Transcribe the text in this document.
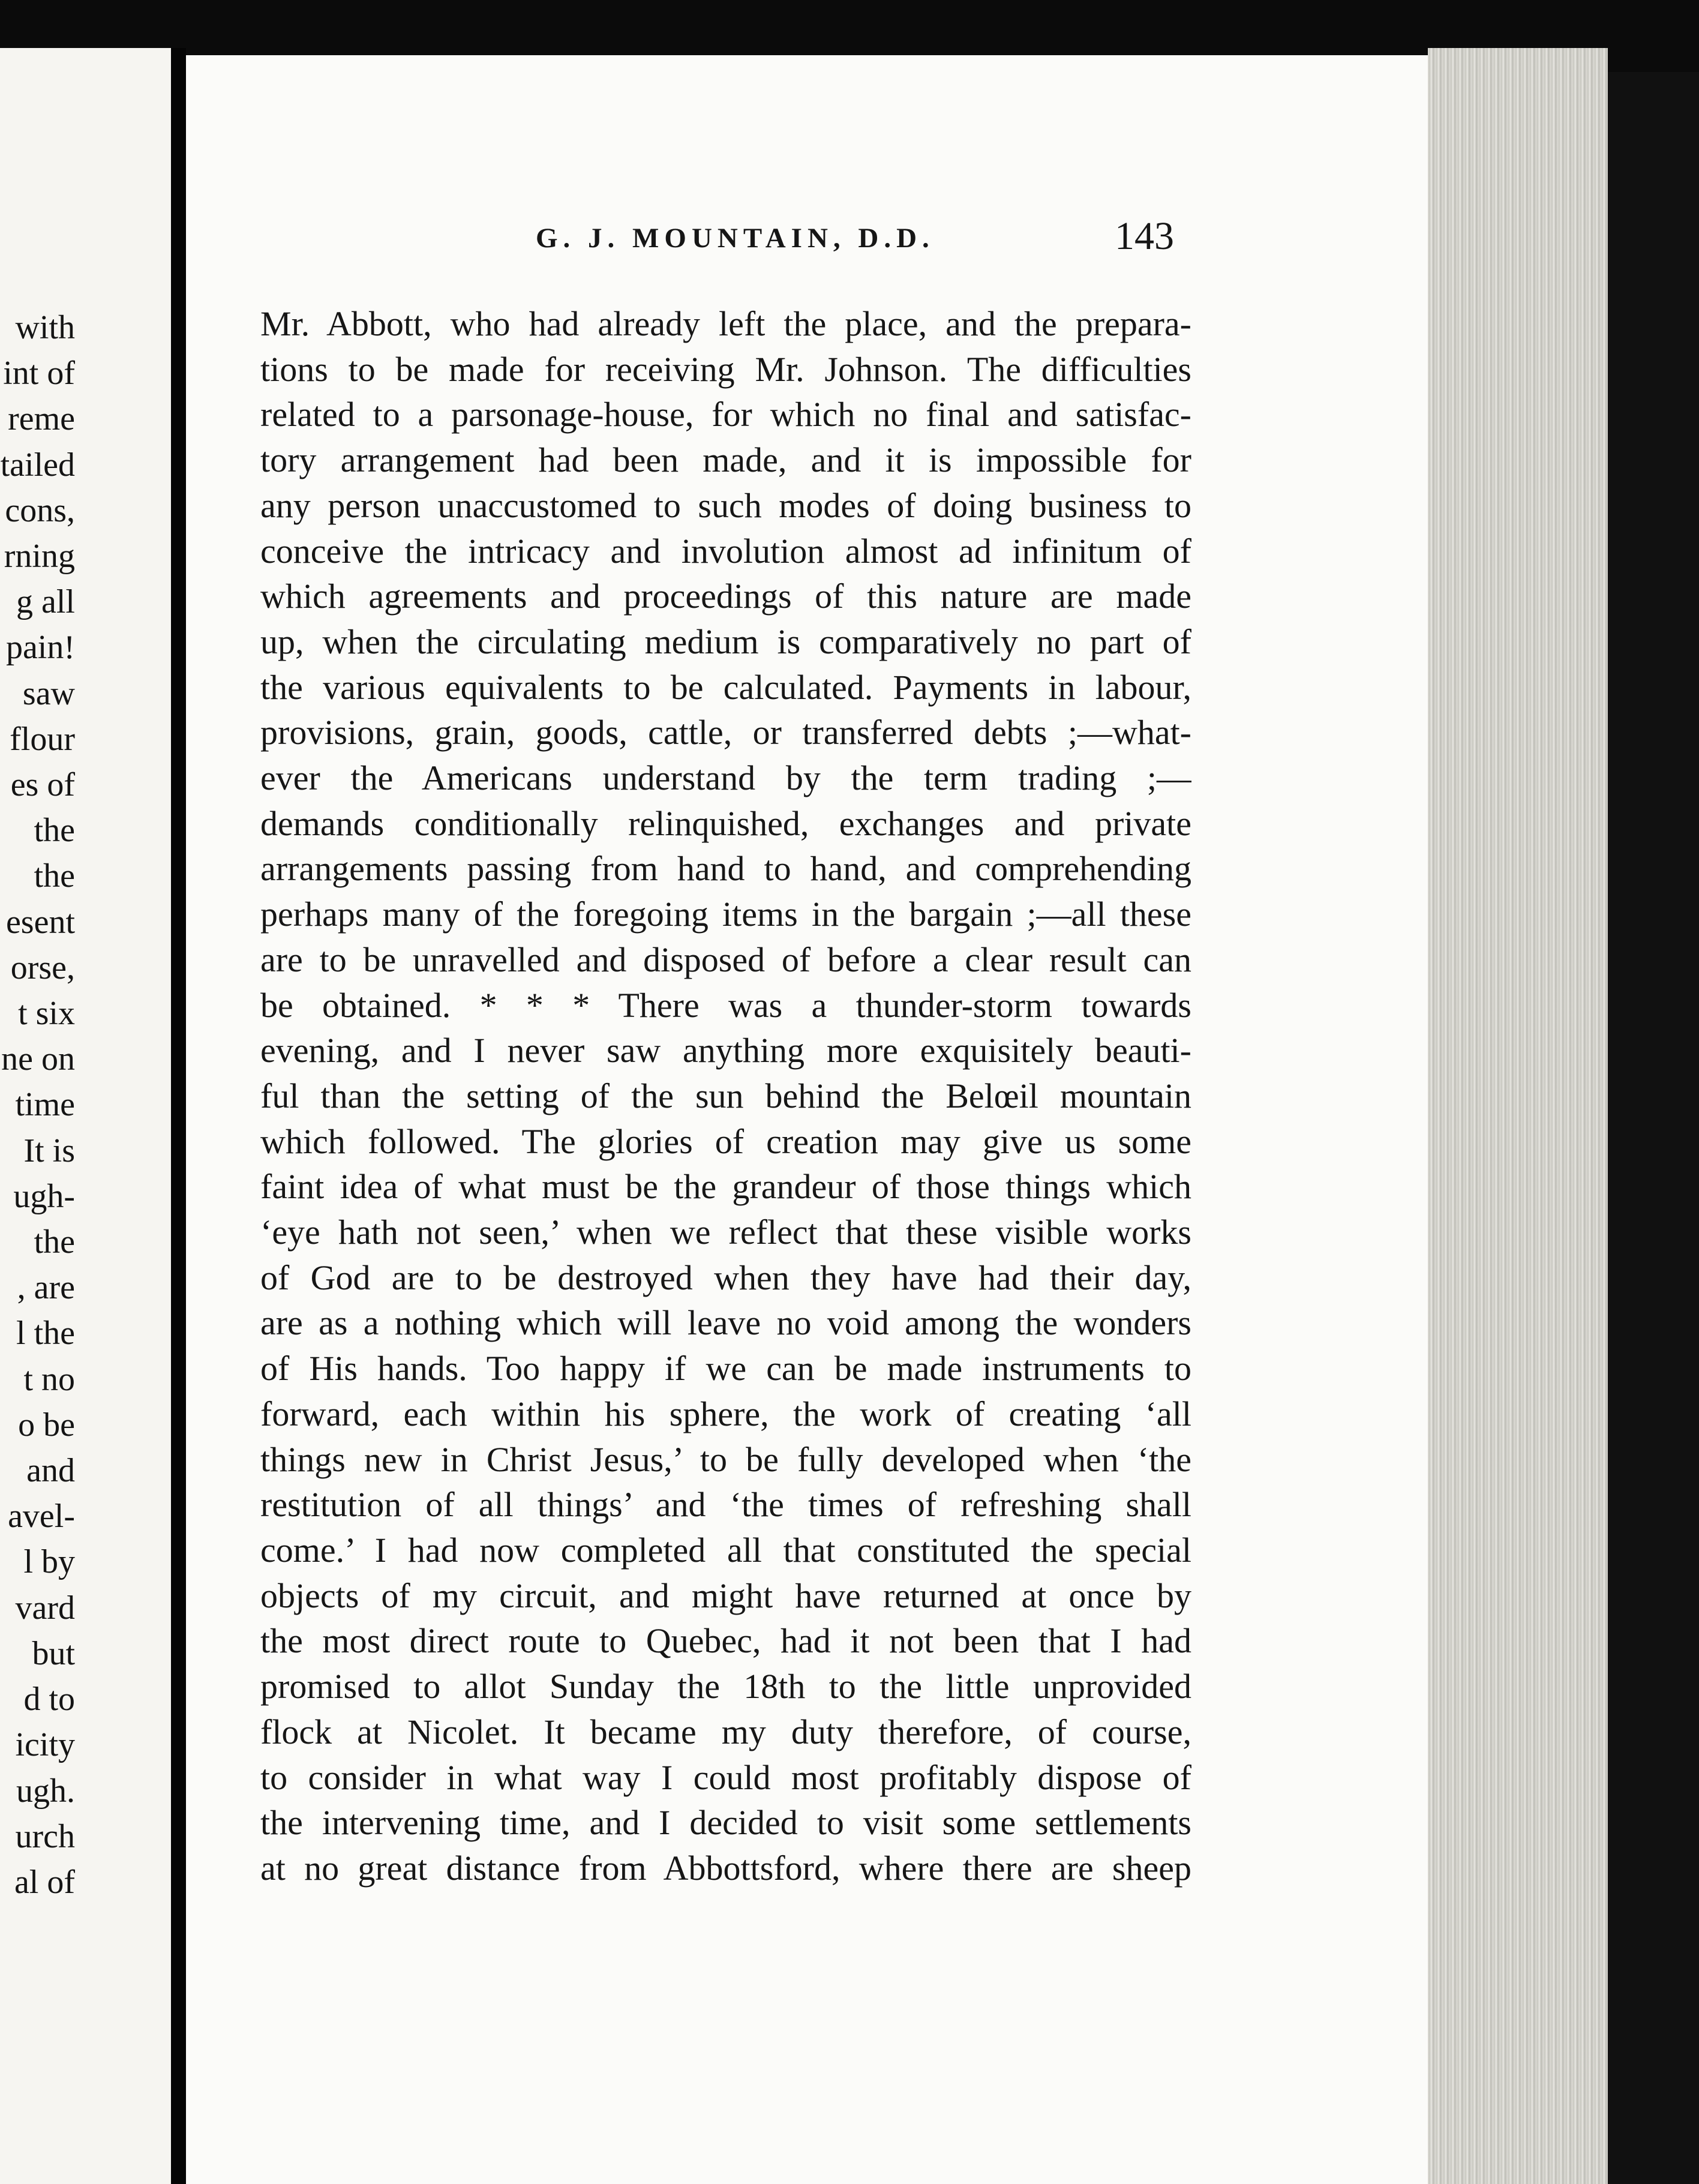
with
int of
reme
tailed
cons,
rning
g all
pain!
saw
flour
es of
the
the
esent
orse,
t six
ne on
time
It is
ugh-
the
, are
l the
t no
o be
and
avel-
l by
vard
but
d to
icity
ugh.
urch
al of
G. J. MOUNTAIN, D.D.	143
Mr. Abbott, who had already left the place, and the prepara-
tions to be made for receiving Mr. Johnson. The difficulties
related to a parsonage-house, for which no final and satisfac-
tory arrangement had been made, and it is impossible for
any person unaccustomed to such modes of doing business to
conceive the intricacy and involution almost ad infinitum of
which agreements and proceedings of this nature are made
up, when the circulating medium is comparatively no part of
the various equivalents to be calculated. Payments in labour,
provisions, grain, goods, cattle, or transferred debts ;—what-
ever the Americans understand by the term trading ;—
demands conditionally relinquished, exchanges and private
arrangements passing from hand to hand, and comprehending
perhaps many of the foregoing items in the bargain ;—all these
are to be unravelled and disposed of before a clear result can
be obtained. * * * There was a thunder-storm towards
evening, and I never saw anything more exquisitely beauti-
ful than the setting of the sun behind the Belœil mountain
which followed. The glories of creation may give us some
faint idea of what must be the grandeur of those things which
‘eye hath not seen,’ when we reflect that these visible works
of God are to be destroyed when they have had their day,
are as a nothing which will leave no void among the wonders
of His hands. Too happy if we can be made instruments to
forward, each within his sphere, the work of creating ‘all
things new in Christ Jesus,’ to be fully developed when ‘the
restitution of all things’ and ‘the times of refreshing shall
come.’ I had now completed all that constituted the special
objects of my circuit, and might have returned at once by
the most direct route to Quebec, had it not been that I had
promised to allot Sunday the 18th to the little unprovided
flock at Nicolet. It became my duty therefore, of course,
to consider in what way I could most profitably dispose of
the intervening time, and I decided to visit some settlements
at no great distance from Abbottsford, where there are sheep
